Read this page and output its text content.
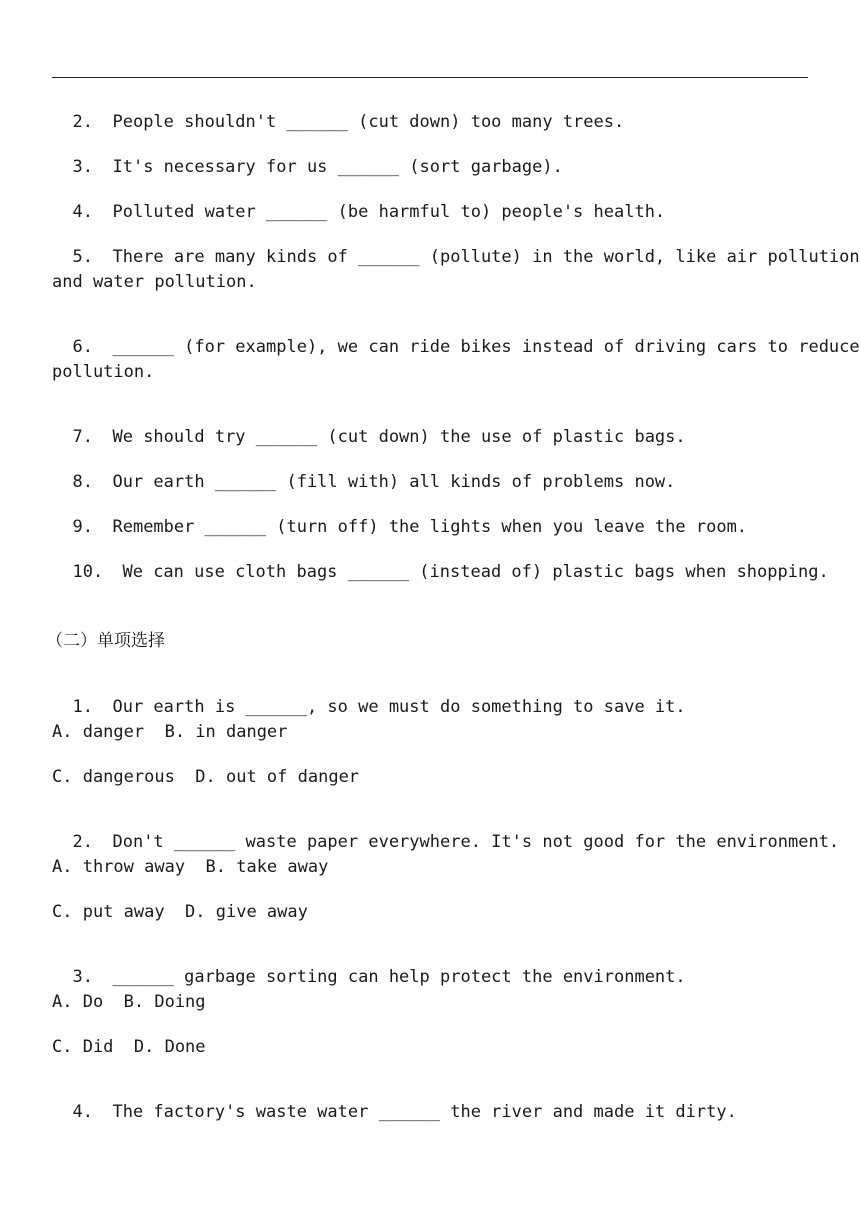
2. People shouldn't ______ (cut down) too many trees.

3. It's necessary for us ______ (sort garbage).

4. Polluted water ______ (be harmful to) people's health.

5. There are many kinds of ______ (pollute) in the world, like air pollution

and water pollution.

6. ______ (for example), we can ride bikes instead of driving cars to reduce

pollution.

7. We should try ______ (cut down) the use of plastic bags.

8. Our earth ______ (fill with) all kinds of problems now.

9. Remember ______ (turn off) the lights when you leave the room.

10. We can use cloth bags ______ (instead of) plastic bags when shopping.

（二）单项选择

1. Our earth is ______, so we must do something to save it.

A. danger  B. in danger
C. dangerous  D. out of danger

2. Don't ______ waste paper everywhere. It's not good for the environment.

A. throw away  B. take away
C. put away  D. give away

3. ______ garbage sorting can help protect the environment.

A. Do  B. Doing
C. Did  D. Done

4. The factory's waste water ______ the river and made it dirty.
